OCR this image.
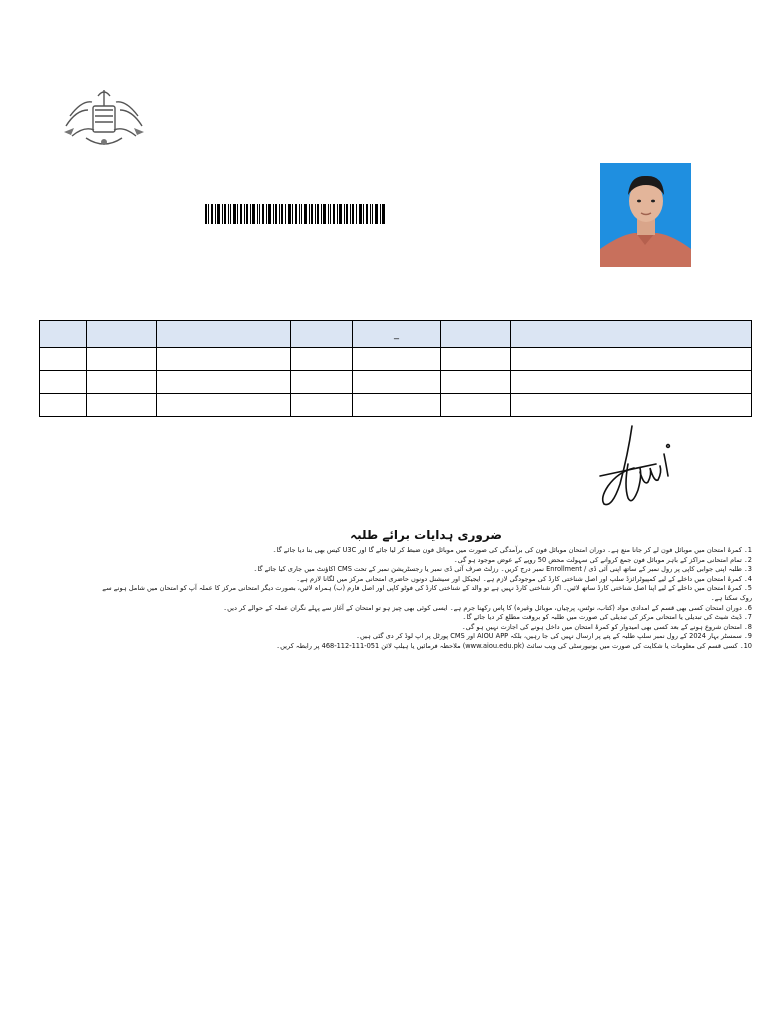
				_		

ضروری ہدایات برائے طلبہ
1۔ کمرۂ امتحان میں موبائل فون لے کر جانا منع ہے۔ دوران امتحان موبائل فون کی برآمدگی کی صورت میں موبائل فون ضبط کر لیا جائے گا اور U3C کیس بھی بنا دیا جائے گا۔
2۔ تمام امتحانی مراکز کے باہر موبائل فون جمع کروانے کی سہولت محض 50 روپے کے عوض موجود ہو گی۔
3۔ طلبہ اپنی جوابی کاپی پر رول نمبر کے ساتھ اپنی آئی ڈی / Enrollment نمبر درج کریں۔ رزلٹ صرف آئی ڈی نمبر یا رجسٹریشن نمبر کے تحت CMS اکاؤنٹ میں جاری کیا جائے گا۔
4۔ کمرۂ امتحان میں داخلے کے لیے کمپیوٹرائزڈ سلپ اور اصل شناختی کارڈ کی موجودگی لازم ہے۔ ایجیکل اور سیشنل دونوں حاضری امتحانی مرکز میں لگانا لازم ہے۔
5۔ کمرۂ امتحان میں داخلے کے لیے اپنا اصل شناختی کارڈ ساتھ لائیں۔ اگر شناختی کارڈ نہیں ہے تو والد کے شناختی کارڈ کی فوٹو کاپی اور اصل فارم (ب) ہمراہ لائیں، بصورت دیگر امتحانی مرکز کا عملہ آپ کو امتحان میں شامل ہونے سے روک سکتا ہے۔
6۔ دوران امتحان کسی بھی قسم کے امدادی مواد (کتاب، نوٹس، پرچیاں، موبائل وغیرہ) کا پاس رکھنا جرم ہے۔ ایسی کوئی بھی چیز ہو تو امتحان کے آغاز سے پہلے نگران عملہ کے حوالے کر دیں۔
7۔ ڈیٹ شیٹ کی تبدیلی یا امتحانی مرکز کی تبدیلی کی صورت میں طلبہ کو بروقت مطلع کر دیا جائے گا۔
8۔ امتحان شروع ہونے کے بعد کسی بھی امیدوار کو کمرۂ امتحان میں داخل ہونے کی اجازت نہیں ہو گی۔
9۔ سمسٹر بہار 2024 کے رول نمبر سلپ طلبہ کے پتے پر ارسال نہیں کی جا رہیں، بلکہ AIOU APP اور CMS پورٹل پر اپ لوڈ کر دی گئی ہیں۔
10۔ کسی قسم کی معلومات یا شکایت کی صورت میں یونیورسٹی کی ویب سائٹ (www.aiou.edu.pk) ملاحظہ فرمائیں یا ہیلپ لائن 051-111-112-468 پر رابطہ کریں۔
